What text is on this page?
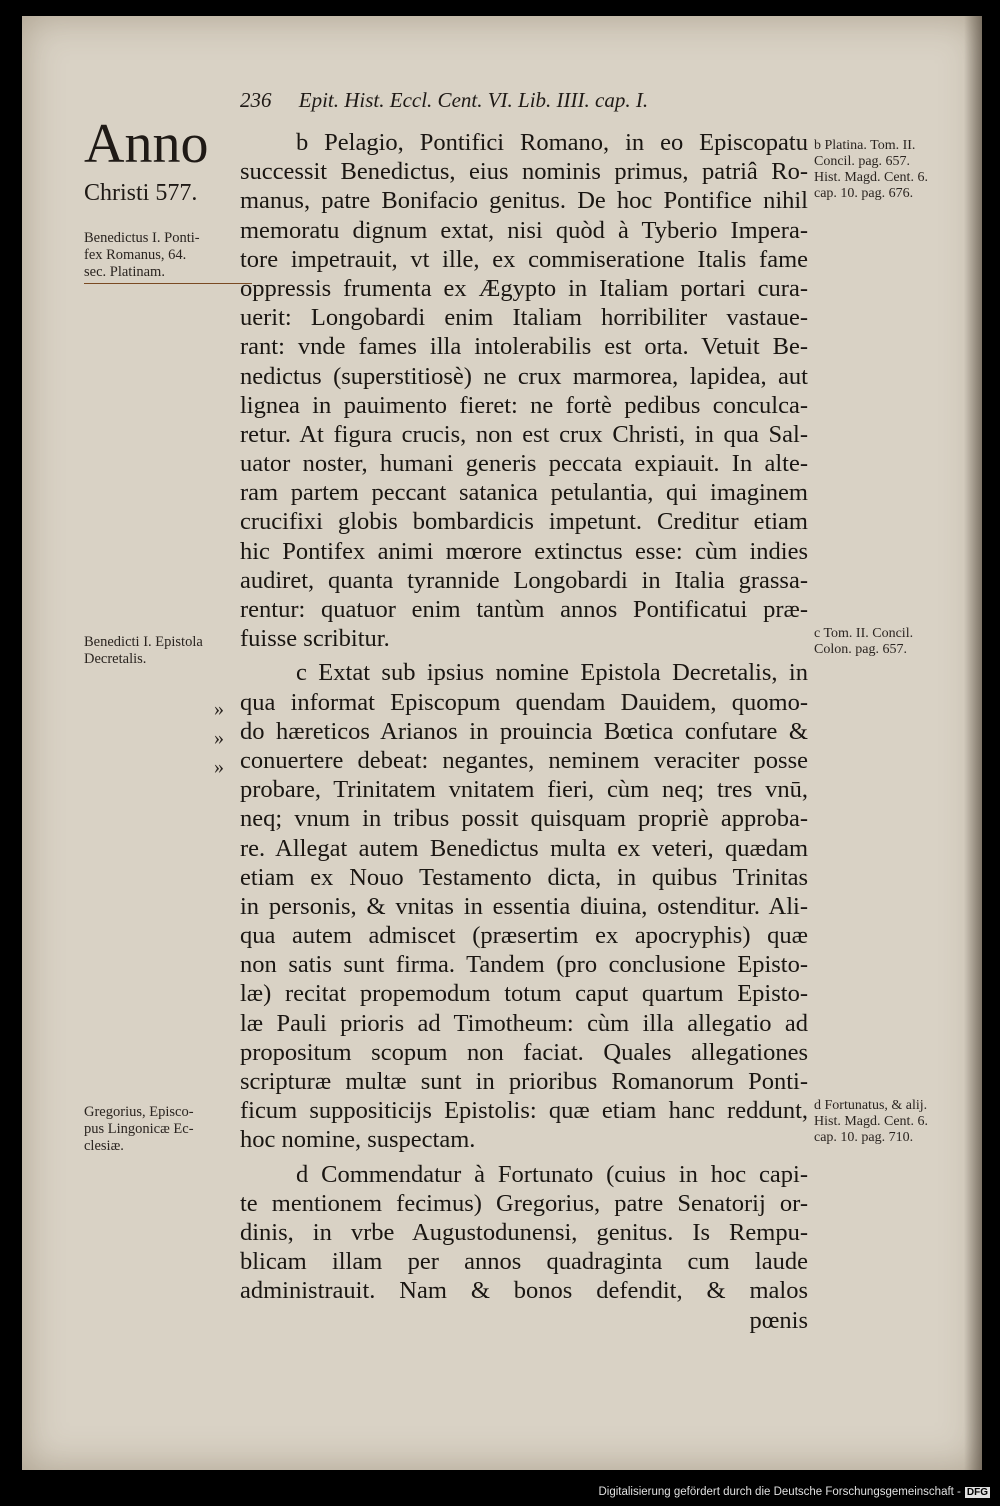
236 Epit. Hist. Eccl. Cent. VI. Lib. IIII. cap. I.
Anno
Christi 577.
Benedictus I. Ponti-
fex Romanus, 64.
sec. Platinam.
Benedicti I. Epistola
Decretalis.
Gregorius, Episco-
pus Lingonicæ Ec-
clesiæ.
b Platina. Tom. II.
Concil. pag. 657.
Hist. Magd. Cent. 6.
cap. 10. pag. 676.
c Tom. II. Concil.
Colon. pag. 657.
d Fortunatus, & alij.
Hist. Magd. Cent. 6.
cap. 10. pag. 710.
»
»
»
b Pelagio, Pontifici Romano, in eo Episcopatu
successit Benedictus, eius nominis primus, patriâ Ro-
manus, patre Bonifacio genitus. De hoc Pontifice nihil
memoratu dignum extat, nisi quòd à Tyberio Impera-
tore impetrauit, vt ille, ex commiseratione Italis fame
oppressis frumenta ex Ægypto in Italiam portari cura-
uerit: Longobardi enim Italiam horribiliter vastaue-
rant: vnde fames illa intolerabilis est orta. Vetuit Be-
nedictus (superstitiosè) ne crux marmorea, lapidea, aut
lignea in pauimento fieret: ne fortè pedibus conculca-
retur. At figura crucis, non est crux Christi, in qua Sal-
uator noster, humani generis peccata expiauit. In alte-
ram partem peccant satanica petulantia, qui imaginem
crucifixi globis bombardicis impetunt. Creditur etiam
hic Pontifex animi mœrore extinctus esse: cùm indies
audiret, quanta tyrannide Longobardi in Italia grassa-
rentur: quatuor enim tantùm annos Pontificatui præ-
fuisse scribitur.
c Extat sub ipsius nomine Epistola Decretalis, in
qua informat Episcopum quendam Dauidem, quomo-
do hæreticos Arianos in prouincia Bœtica confutare &
conuertere debeat: negantes, neminem veraciter posse
probare, Trinitatem vnitatem fieri, cùm neq; tres vnū,
neq; vnum in tribus possit quisquam propriè approba-
re. Allegat autem Benedictus multa ex veteri, quædam
etiam ex Nouo Testamento dicta, in quibus Trinitas
in personis, & vnitas in essentia diuina, ostenditur. Ali-
qua autem admiscet (præsertim ex apocryphis) quæ
non satis sunt firma. Tandem (pro conclusione Episto-
læ) recitat propemodum totum caput quartum Episto-
læ Pauli prioris ad Timotheum: cùm illa allegatio ad
propositum scopum non faciat. Quales allegationes
scripturæ multæ sunt in prioribus Romanorum Ponti-
ficum suppositicijs Epistolis: quæ etiam hanc reddunt,
hoc nomine, suspectam.
d Commendatur à Fortunato (cuius in hoc capi-
te mentionem fecimus) Gregorius, patre Senatorij or-
dinis, in vrbe Augustodunensi, genitus. Is Rempu-
blicam illam per annos quadraginta cum laude
administrauit. Nam & bonos defendit, & malos
pœnis
Digitalisierung gefördert durch die Deutsche Forschungsgemeinschaft - DFG
